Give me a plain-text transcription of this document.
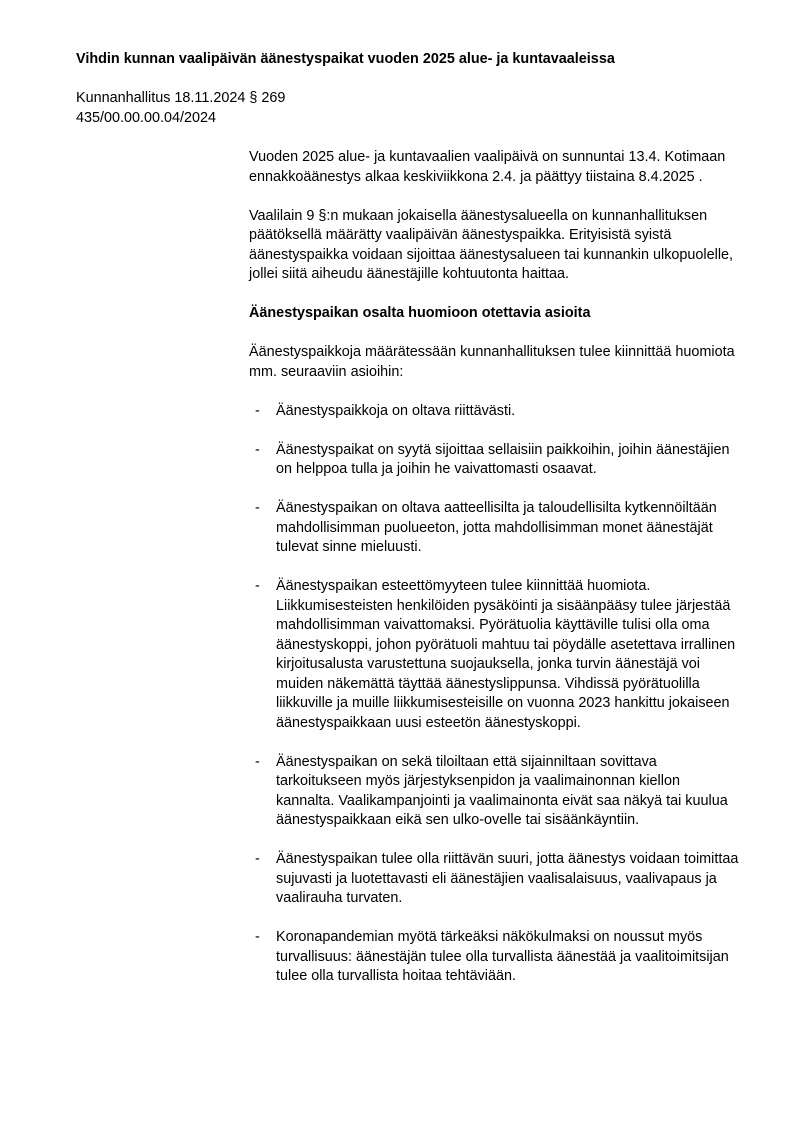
Vihdin kunnan vaalipäivän äänestyspaikat vuoden 2025 alue- ja kuntavaaleissa
Kunnanhallitus 18.11.2024 § 269
435/00.00.00.04/2024

Vuoden 2025 alue- ja kuntavaalien vaalipäivä on sunnuntai 13.4. Kotimaan ennakkoäänestys alkaa keskiviikkona 2.4. ja päättyy tiistaina 8.4.2025 .

Vaalilain 9 §:n mukaan jokaisella äänestysalueella on kunnanhallituksen päätöksellä määrätty vaalipäivän äänestyspaikka. Erityisistä syistä äänestyspaikka voidaan sijoittaa äänestysalueen tai kunnankin ulkopuolelle, jollei siitä aiheudu äänestäjille kohtuutonta haittaa.

Äänestyspaikan osalta huomioon otettavia asioita

Äänestyspaikkoja määrätessään kunnanhallituksen tulee kiinnittää huomiota mm. seuraaviin asioihin:

- Äänestyspaikkoja on oltava riittävästi.
- Äänestyspaikat on syytä sijoittaa sellaisiin paikkoihin, joihin äänestäjien on helppoa tulla ja joihin he vaivattomasti osaavat.
- Äänestyspaikan on oltava aatteellisilta ja taloudellisilta kytkennöiltään mahdollisimman puolueeton, jotta mahdollisimman monet äänestäjät tulevat sinne mieluusti.
- Äänestyspaikan esteettömyyteen tulee kiinnittää huomiota. Liikkumisesteisten henkilöiden pysäköinti ja sisäänpääsy tulee järjestää mahdollisimman vaivattomaksi. Pyörätuolia käyttäville tulisi olla oma äänestyskoppi, johon pyörätuoli mahtuu tai pöydälle asetettava irrallinen kirjoitusalusta varustettuna suojauksella, jonka turvin äänestäjä voi muiden näkemättä täyttää äänestyslippunsa. Vihdissä pyörätuolilla liikkuville ja muille liikkumisesteisille on vuonna 2023 hankittu jokaiseen äänestyspaikkaan uusi esteetön äänestyskoppi.
- Äänestyspaikan on sekä tiloiltaan että sijainniltaan sovittava tarkoitukseen myös järjestyksenpidon ja vaalimainonnan kiellon kannalta. Vaalikampanjointi ja vaalimainonta eivät saa näkyä tai kuulua äänestyspaikkaan eikä sen ulko-ovelle tai sisäänkäyntiin.
- Äänestyspaikan tulee olla riittävän suuri, jotta äänestys voidaan toimittaa sujuvasti ja luotettavasti eli äänestäjien vaalisalaisuus, vaalivapaus ja vaalirauha turvaten.
- Koronapandemian myötä tärkeäksi näkökulmaksi on noussut myös turvallisuus: äänestäjän tulee olla turvallista äänestää ja vaalitoimitsijan tulee olla turvallista hoitaa tehtäviään.
